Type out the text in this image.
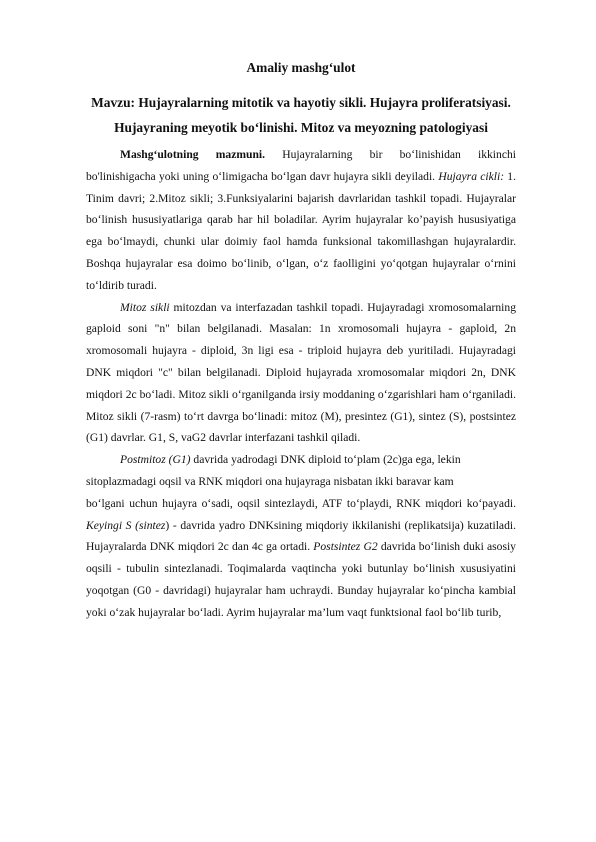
Amaliy mashg‘ulot
Mavzu: Hujayralarning mitotik va hayotiy sikli. Hujayra proliferatsiyasi. Hujayraning meyotik bo‘linishi. Mitoz va meyozning patologiyasi

Mashg‘ulotning mazmuni. Hujayralarning bir bo‘linishidan ikkinchi bo'linishigacha yoki uning o‘limigacha bo‘lgan davr hujayra sikli deyiladi. Hujayra cikli: 1. Tinim davri; 2.Mitoz sikli; 3.Funksiyalarini bajarish davrlaridan tashkil topadi. Hujayralar bo‘linish hususiyatlariga qarab har hil boladilar. Ayrim hujayralar ko’payish hususiyatiga ega bo‘lmaydi, chunki ular doimiy faol hamda funksional takomillashgan hujayralardir. Boshqa hujayralar esa doimo bo‘linib, o‘lgan, o‘z faolligini yo‘qotgan hujayralar o‘rnini to‘ldirib turadi.

Mitoz sikli mitozdan va interfazadan tashkil topadi. Hujayradagi xromosomalarning gaploid soni "n" bilan belgilanadi. Masalan: 1n xromosomali hujayra - gaploid, 2n xromosomali hujayra - diploid, 3n ligi esa - triploid hujayra deb yuritiladi. Hujayradagi DNK miqdori "c" bilan belgilanadi. Diploid hujayrada xromosomalar miqdori 2n, DNK miqdori 2c bo‘ladi. Mitoz sikli o‘rganilganda irsiy moddaning o‘zgarishlari ham o‘rganiladi. Mitoz sikli (7-rasm) to‘rt davrga bo‘linadi: mitoz (M), presintez (G1), sintez (S), postsintez (G1) davrlar. G1, S, vaG2 davrlar interfazani tashkil qiladi.

Postmitoz (G1) davrida yadrodagi DNK diploid to‘plam (2c)ga ega, lekin sitoplazmadagi oqsil va RNK miqdori ona hujayraga nisbatan ikki baravar kam

bo‘lgani uchun hujayra o‘sadi, oqsil sintezlaydi, ATF to‘playdi, RNK miqdori ko‘payadi. Keyingi S (sintez) - davrida yadro DNKsining miqdoriy ikkilanishi (replikatsija) kuzatiladi. Hujayralarda DNK miqdori 2c dan 4c ga ortadi. Postsintez G2 davrida bo‘linish duki asosiy oqsili - tubulin sintezlanadi. Toqimalarda vaqtincha yoki butunlay bo‘linish xususiyatini yoqotgan (G0 - davridagi) hujayralar ham uchraydi. Bunday hujayralar ko‘pincha kambial yoki o‘zak hujayralar bo‘ladi. Ayrim hujayralar ma’lum vaqt funktsional faol bo‘lib turib,
